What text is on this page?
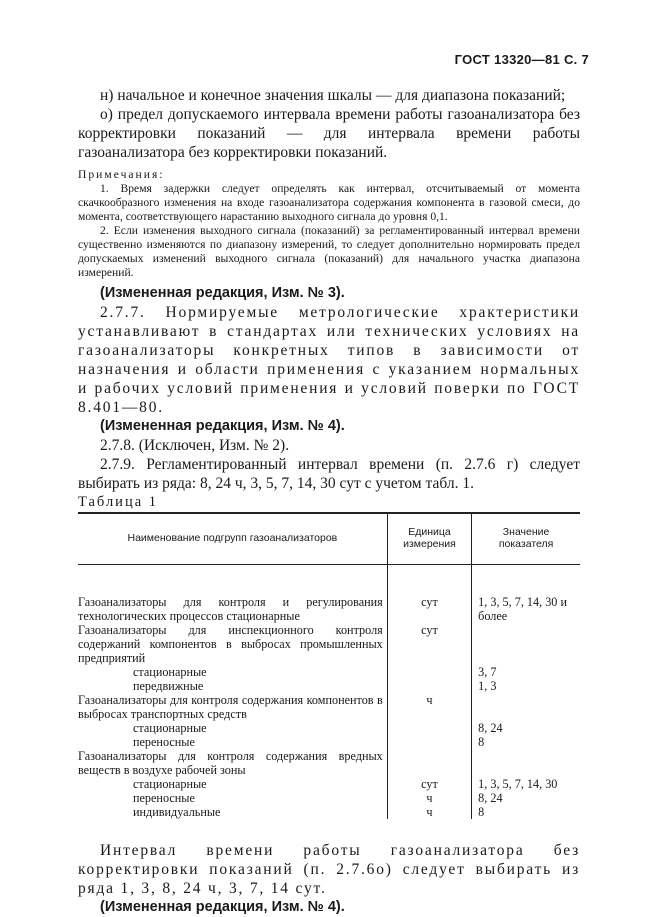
ГОСТ 13320—81 С. 7

н) начальное и конечное значения шкалы — для диапазона показаний;

о) предел допускаемого интервала времени работы газоанализатора без корректировки показаний — для интервала времени работы газоанализатора без корректировки показаний.

Примечания:

1. Время задержки следует определять как интервал, отсчитываемый от момента скачкообразного изменения на входе газоанализатора содержания компонента в газовой смеси, до момента, соответствующего нарастанию выходного сигнала до уровня 0,1.

2. Если изменения выходного сигнала (показаний) за регламентированный интервал времени существенно изменяются по диапазону измерений, то следует дополнительно нормировать предел допускаемых изменений выходного сигнала (показаний) для начального участка диапазона измерений.

(Измененная редакция, Изм. № 3).

2.7.7. Нормируемые метрологические храктеристики устанавливают в стандартах или технических условиях на газоанализаторы конкретных типов в зависимости от назначения и области применения с указанием нормальных и рабочих условий применения и условий поверки по ГОСТ 8.401—80.

(Измененная редакция, Изм. № 4).

2.7.8. (Исключен, Изм. № 2).

2.7.9. Регламентированный интервал времени (п. 2.7.6 г) следует выбирать из ряда: 8, 24 ч, 3, 5, 7, 14, 30 сут с учетом табл. 1.

Таблица 1

Наименование подгрупп газоанализаторов	Единица измерения	Значение показателя
Газоанализаторы для контроля и регулирования технологических процессов стационарные	сут	1, 3, 5, 7, 14, 30 и более
Газоанализаторы для инспекционного контроля содержаний компонентов в выбросах промышленных предприятий	сут	
стационарные		3, 7
передвижные		1, 3
Газоанализаторы для контроля содержания компонентов в выбросах транспортных средств	ч	
стационарные		8, 24
переносные		8
Газоанализаторы для контроля содержания вредных веществ в воздухе рабочей зоны		
стационарные	сут	1, 3, 5, 7, 14, 30
переносные	ч	8, 24
индивидуальные	ч	8

Интервал времени работы газоанализатора без корректировки показаний (п. 2.7.6о) следует выбирать из ряда 1, 3, 8, 24 ч, 3, 7, 14 сут.

(Измененная редакция, Изм. № 4).
